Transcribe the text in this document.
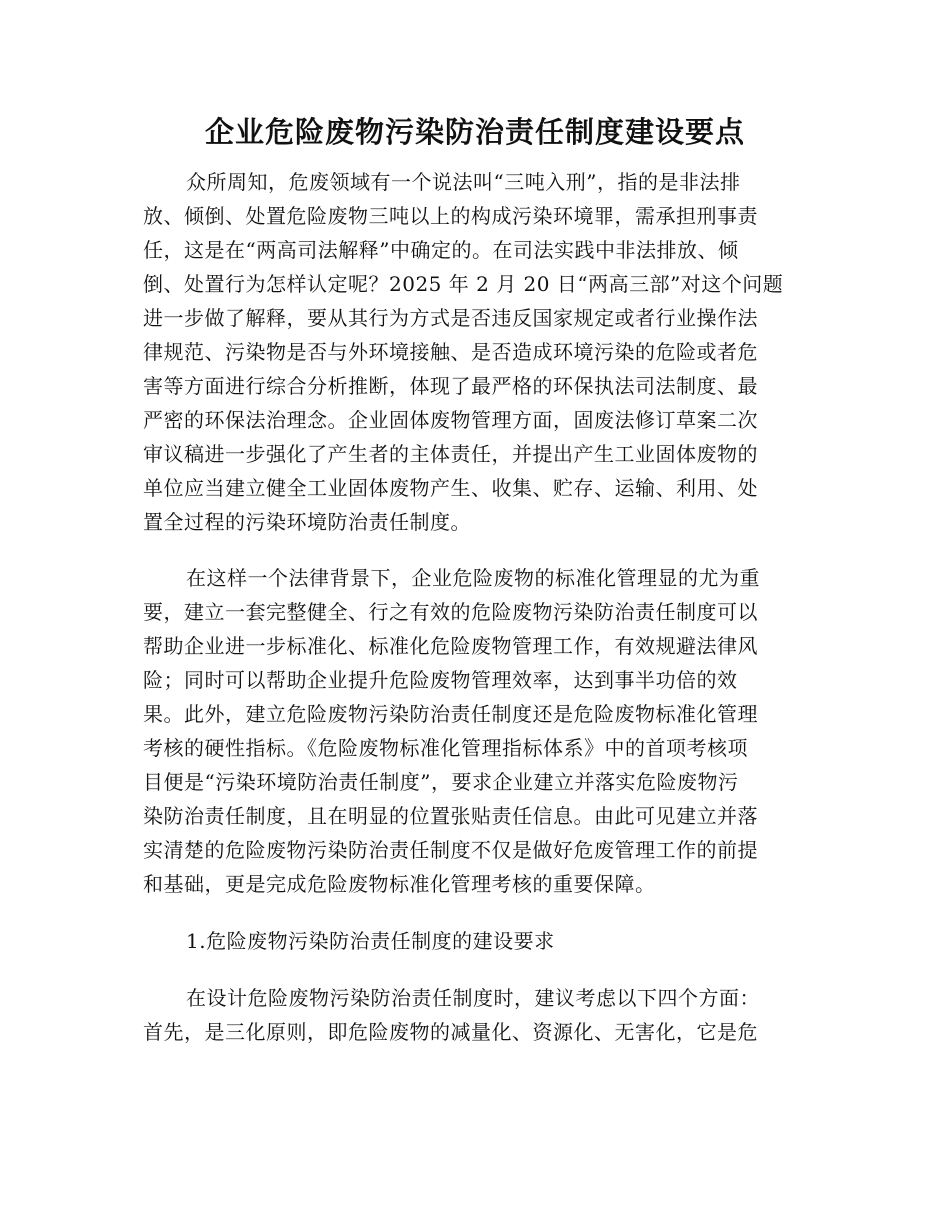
企业危险废物污染防治责任制度建设要点
众所周知，危废领域有一个说法叫“三吨入刑”，指的是非法排
放、倾倒、处置危险废物三吨以上的构成污染环境罪，需承担刑事责
任，这是在“两高司法解释”中确定的。在司法实践中非法排放、倾
倒、处置行为怎样认定呢？2025 年 2 月 20 日“两高三部”对这个问题
进一步做了解释，要从其行为方式是否违反国家规定或者行业操作法
律规范、污染物是否与外环境接触、是否造成环境污染的危险或者危
害等方面进行综合分析推断，体现了最严格的环保执法司法制度、最
严密的环保法治理念。企业固体废物管理方面，固废法修订草案二次
审议稿进一步强化了产生者的主体责任，并提出产生工业固体废物的
单位应当建立健全工业固体废物产生、收集、贮存、运输、利用、处
置全过程的污染环境防治责任制度。
在这样一个法律背景下，企业危险废物的标准化管理显的尤为重
要，建立一套完整健全、行之有效的危险废物污染防治责任制度可以
帮助企业进一步标准化、标准化危险废物管理工作，有效规避法律风
险；同时可以帮助企业提升危险废物管理效率，达到事半功倍的效
果。此外，建立危险废物污染防治责任制度还是危险废物标准化管理
考核的硬性指标。《危险废物标准化管理指标体系》中的首项考核项
目便是“污染环境防治责任制度”，要求企业建立并落实危险废物污
染防治责任制度，且在明显的位置张贴责任信息。由此可见建立并落
实清楚的危险废物污染防治责任制度不仅是做好危废管理工作的前提
和基础，更是完成危险废物标准化管理考核的重要保障。
1.危险废物污染防治责任制度的建设要求
在设计危险废物污染防治责任制度时，建议考虑以下四个方面：
首先，是三化原则，即危险废物的减量化、资源化、无害化，它是危
